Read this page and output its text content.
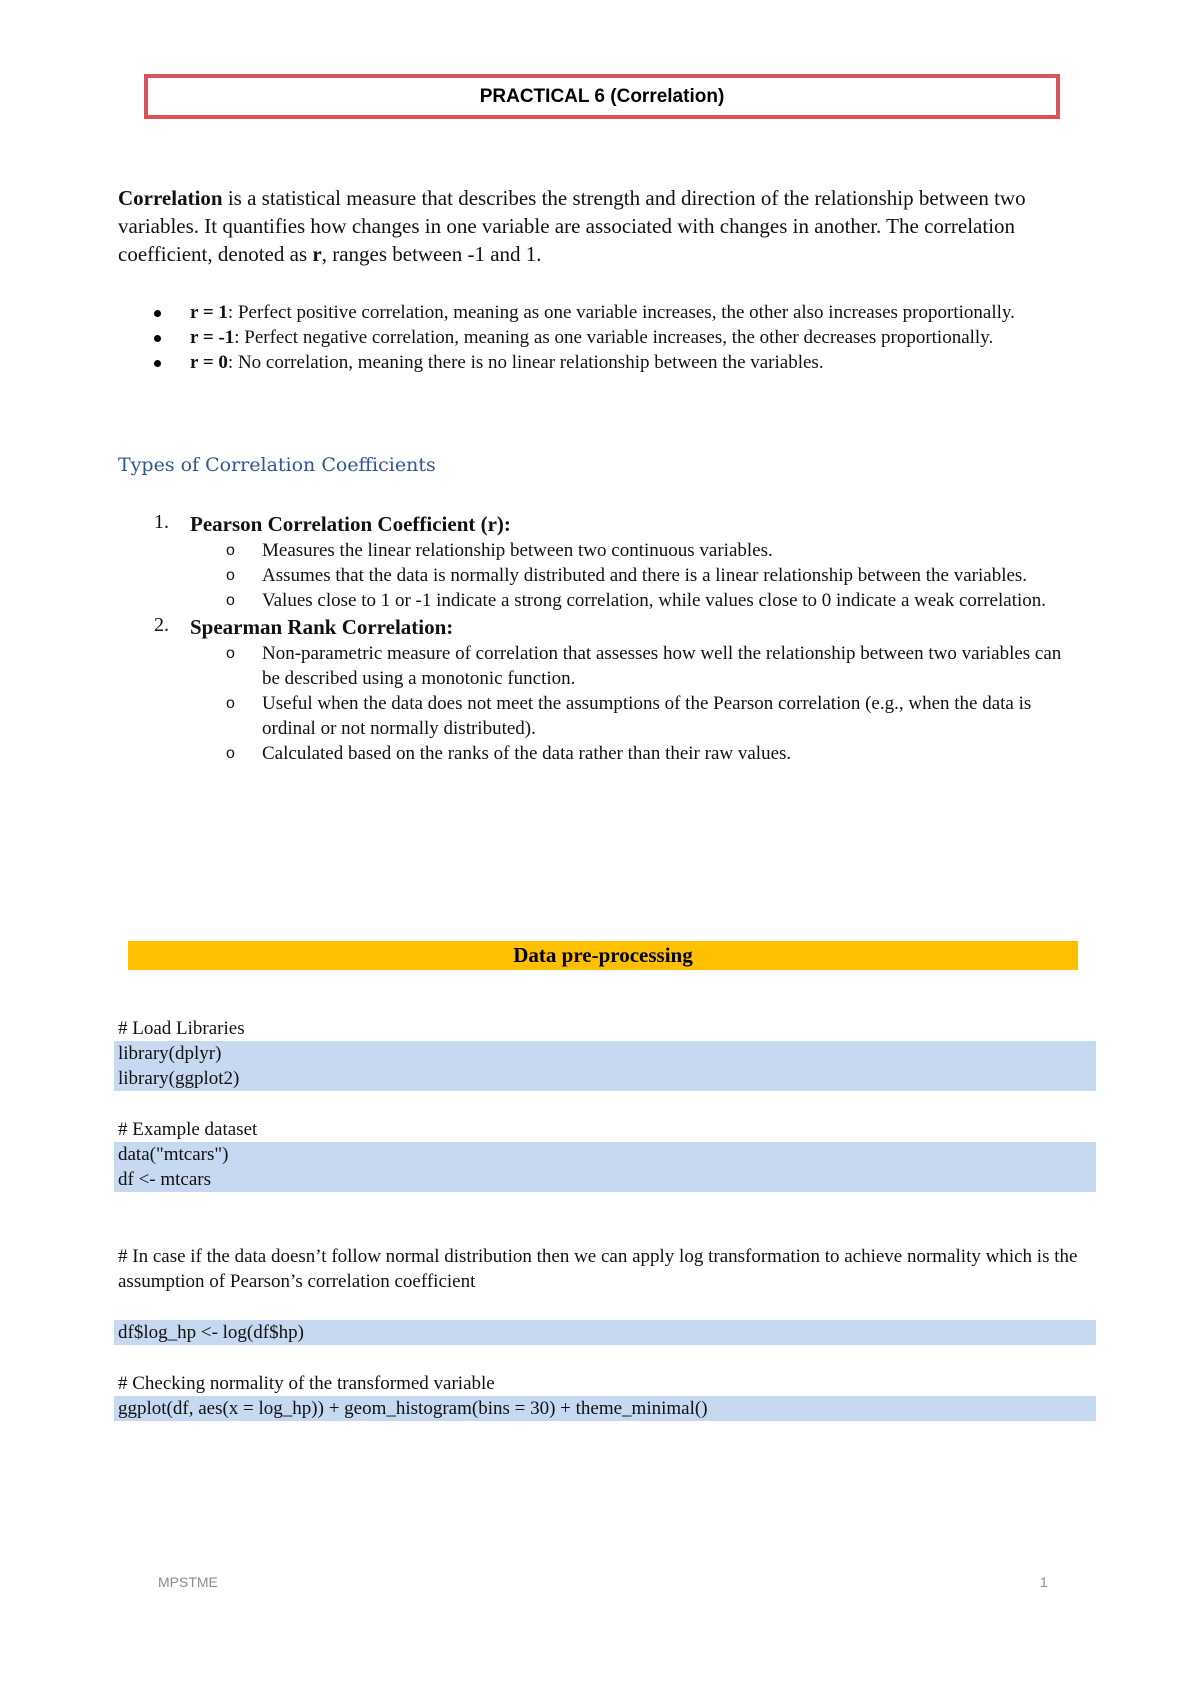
PRACTICAL 6 (Correlation)

Correlation is a statistical measure that describes the strength and direction of the relationship between two variables. It quantifies how changes in one variable are associated with changes in another. The correlation coefficient, denoted as r, ranges between -1 and 1.

r = 1: Perfect positive correlation, meaning as one variable increases, the other also increases proportionally.
r = -1: Perfect negative correlation, meaning as one variable increases, the other decreases proportionally.
r = 0: No correlation, meaning there is no linear relationship between the variables.
Types of Correlation Coefficients
1. Pearson Correlation Coefficient (r):
o Measures the linear relationship between two continuous variables.
o Assumes that the data is normally distributed and there is a linear relationship between the variables.
o Values close to 1 or -1 indicate a strong correlation, while values close to 0 indicate a weak correlation.
2. Spearman Rank Correlation:
o Non-parametric measure of correlation that assesses how well the relationship between two variables can be described using a monotonic function.
o Useful when the data does not meet the assumptions of the Pearson correlation (e.g., when the data is ordinal or not normally distributed).
o Calculated based on the ranks of the data rather than their raw values.
Data pre-processing
# Load Libraries
library(dplyr)
library(ggplot2)
# Example dataset
data("mtcars")
df <- mtcars
# In case if the data doesn’t follow normal distribution then we can apply log transformation to achieve normality which is the assumption of Pearson’s correlation coefficient
df$log_hp <- log(df$hp)
# Checking normality of the transformed variable
ggplot(df, aes(x = log_hp)) + geom_histogram(bins = 30) + theme_minimal()
MPSTME	1
